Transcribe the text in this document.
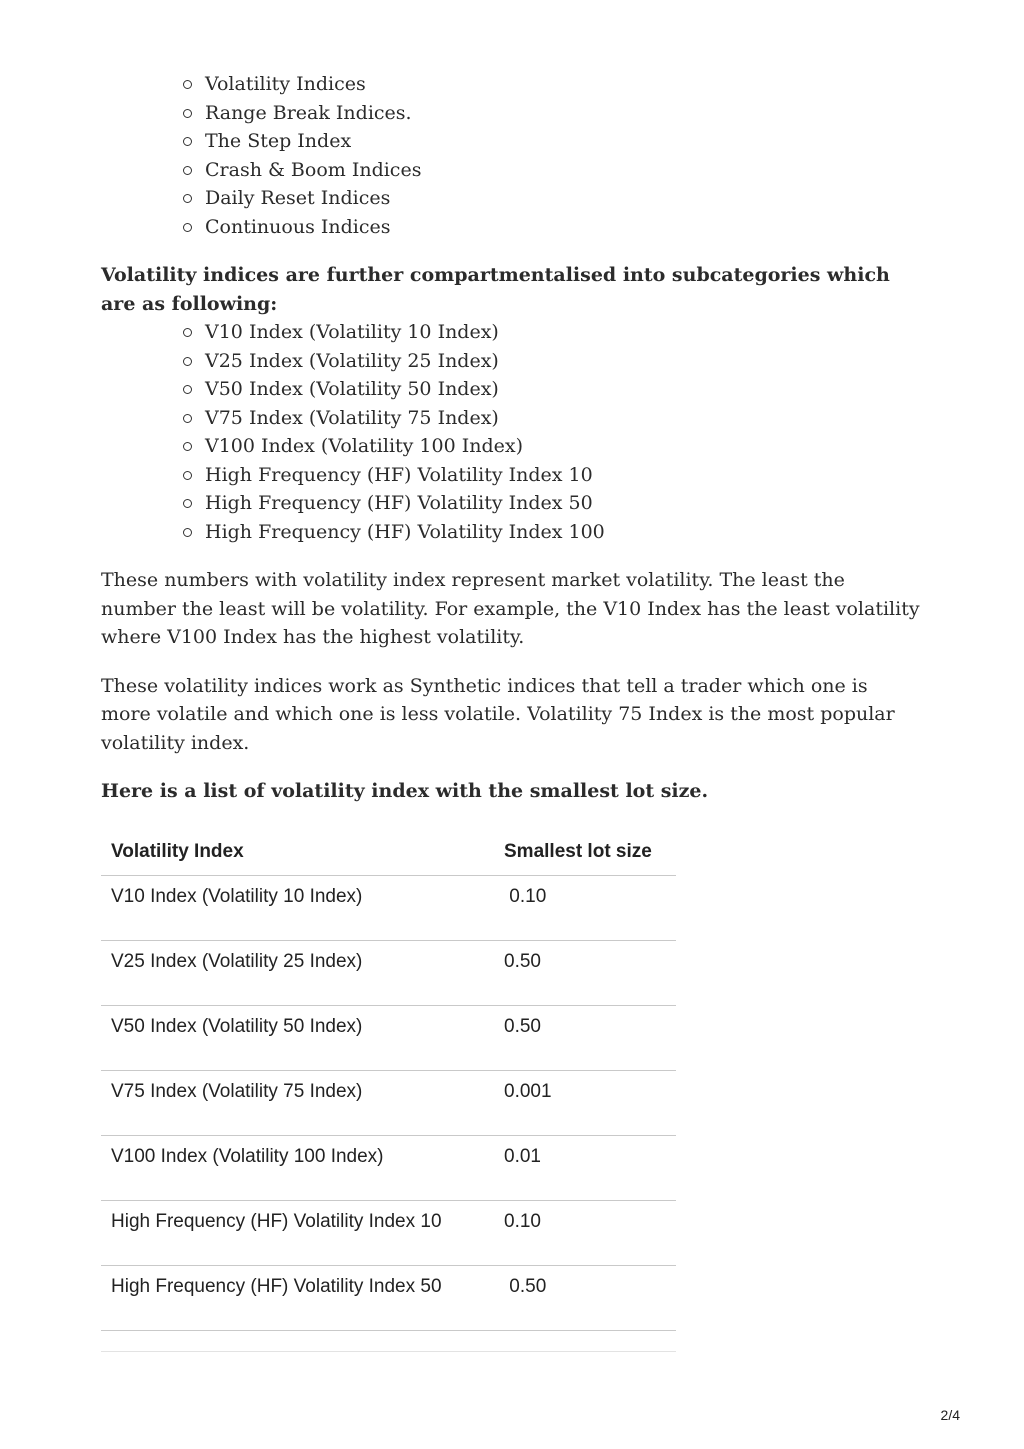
Volatility Indices
Range Break Indices.
The Step Index
Crash & Boom Indices
Daily Reset Indices
Continuous Indices

Volatility indices are further compartmentalised into subcategories which are as following:

V10 Index (Volatility 10 Index)
V25 Index (Volatility 25 Index)
V50 Index (Volatility 50 Index)
V75 Index (Volatility 75 Index)
V100 Index (Volatility 100 Index)
High Frequency (HF) Volatility Index 10
High Frequency (HF) Volatility Index 50
High Frequency (HF) Volatility Index 100

These numbers with volatility index represent market volatility. The least the number the least will be volatility. For example, the V10 Index has the least volatility where V100 Index has the highest volatility.

These volatility indices work as Synthetic indices that tell a trader which one is more volatile and which one is less volatile. Volatility 75 Index is the most popular volatility index.

Here is a list of volatility index with the smallest lot size.

Volatility Index	Smallest lot size
V10 Index (Volatility 10 Index)	0.10
V25 Index (Volatility 25 Index)	0.50
V50 Index (Volatility 50 Index)	0.50
V75 Index (Volatility 75 Index)	0.001
V100 Index (Volatility 100 Index)	0.01
High Frequency (HF) Volatility Index 10	0.10
High Frequency (HF) Volatility Index 50	0.50

2/4
